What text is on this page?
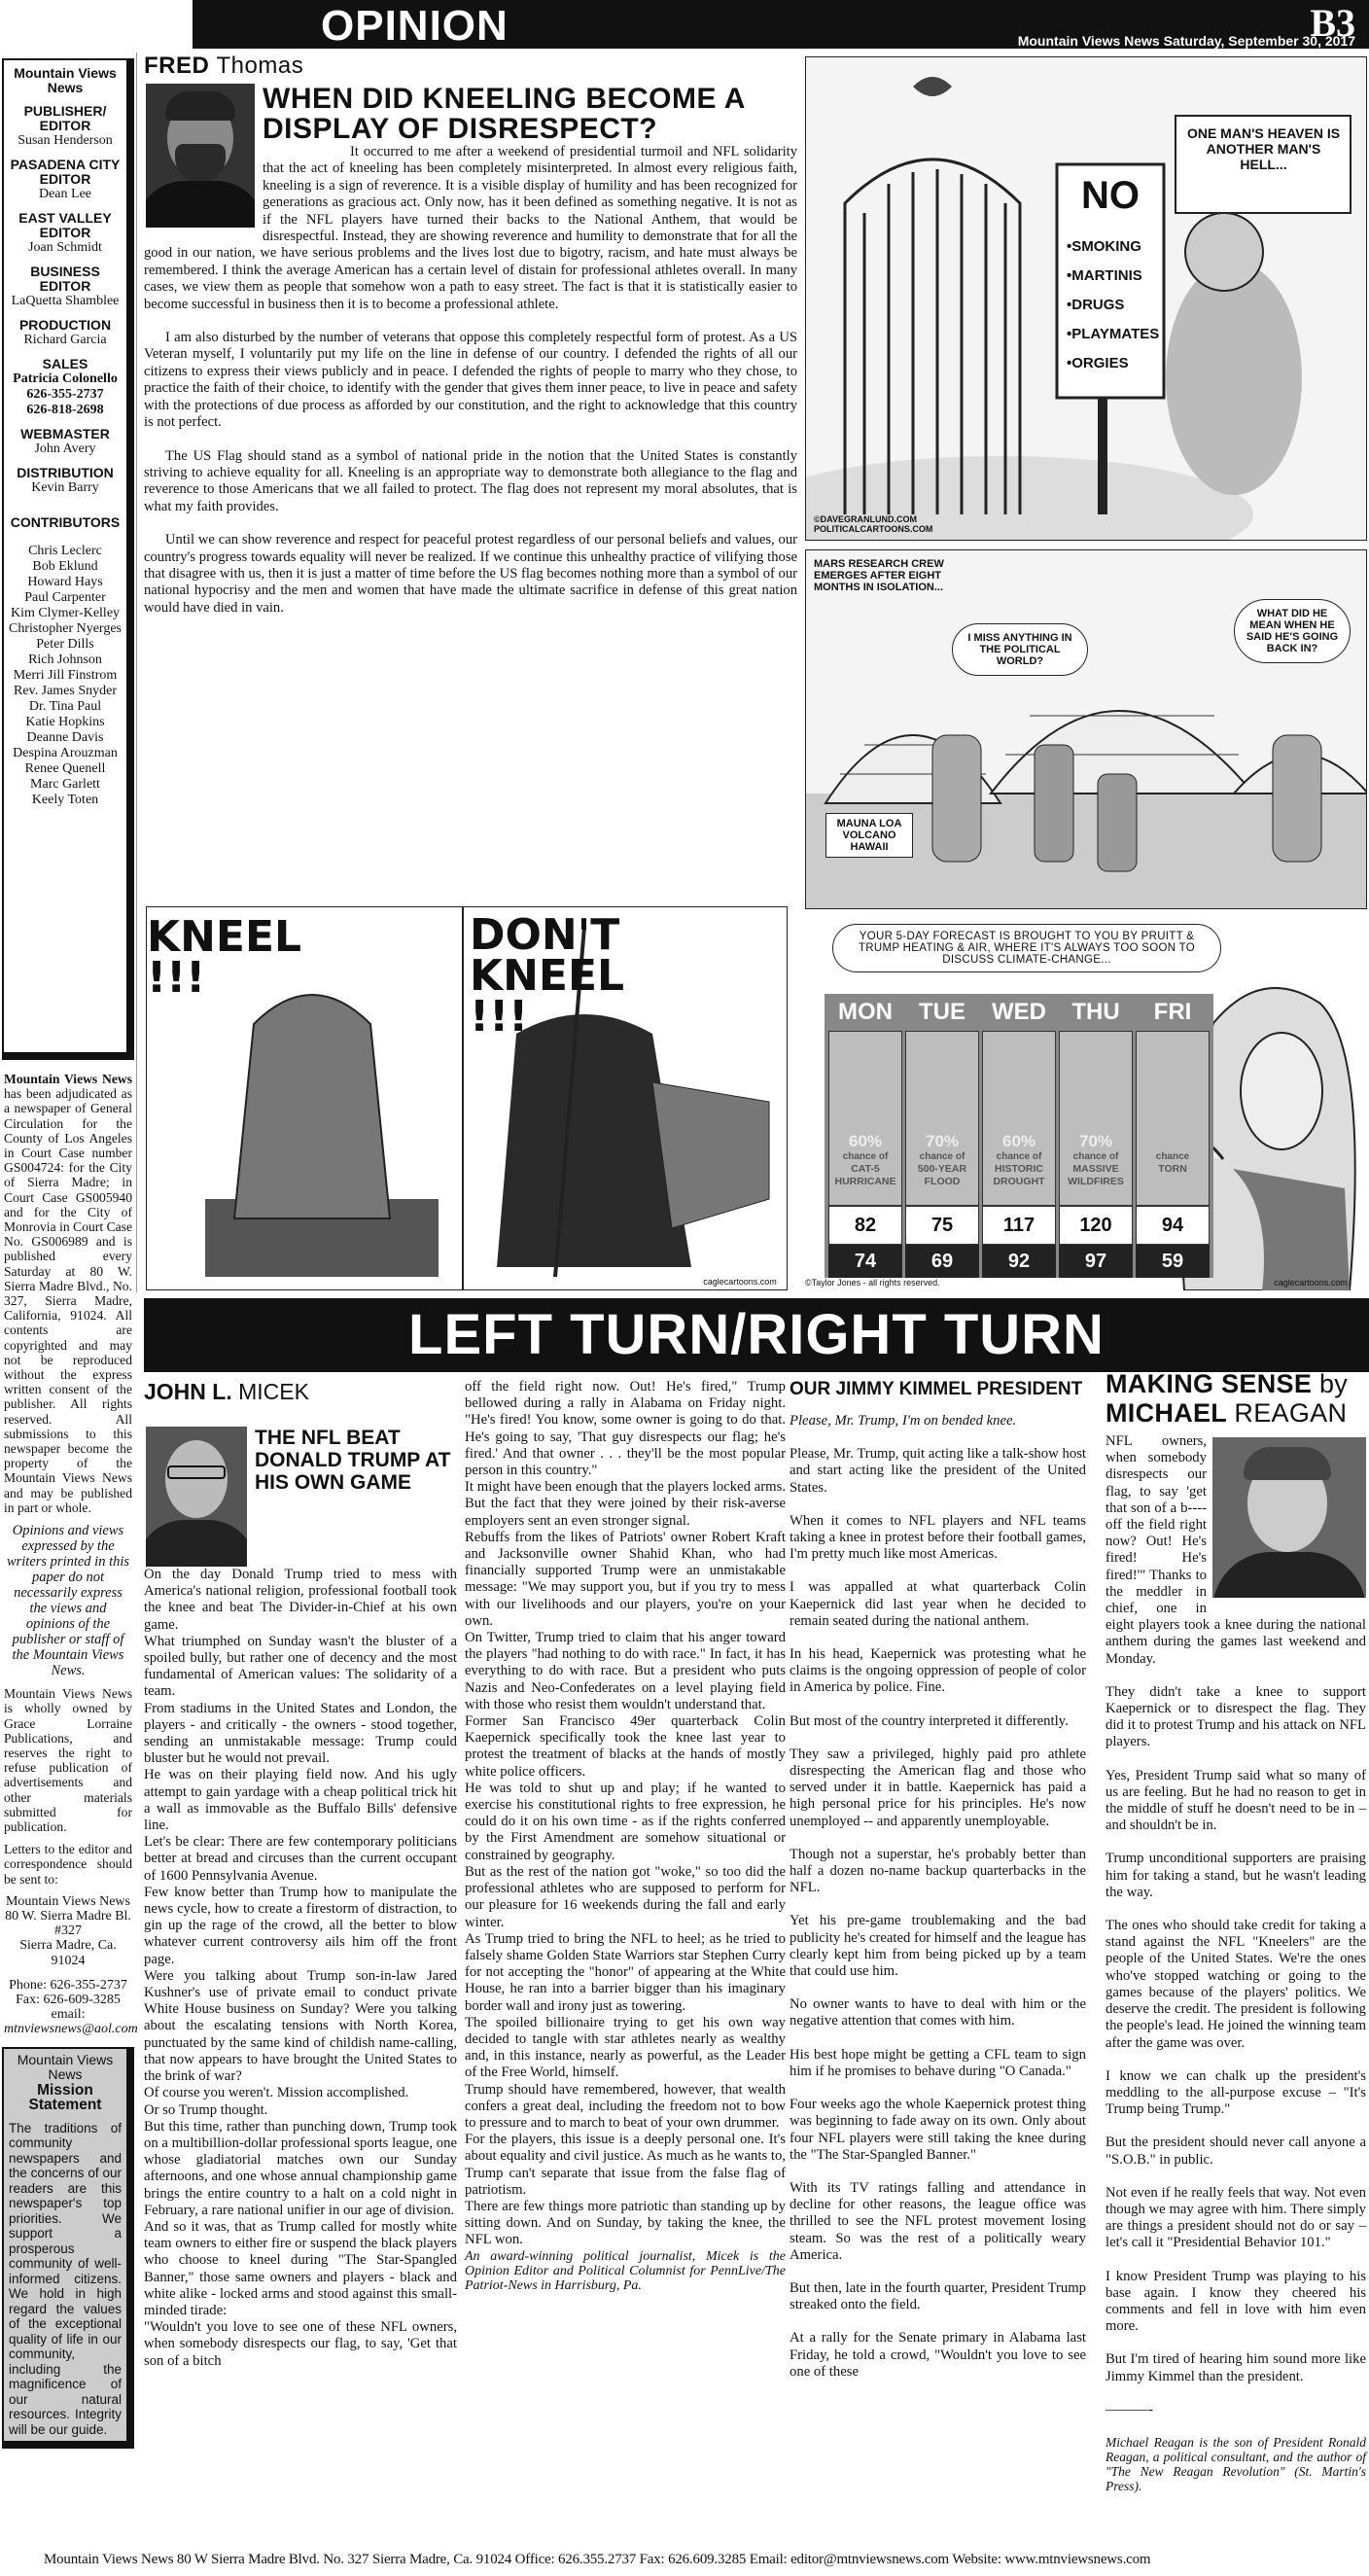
OPINION	B3
Mountain Views News Saturday, September 30, 2017
Mountain Views News
PUBLISHER/ EDITOR
Susan Henderson
PASADENA CITY EDITOR
Dean Lee
EAST VALLEY EDITOR
Joan Schmidt
BUSINESS EDITOR
LaQuetta Shamblee
PRODUCTION
Richard Garcia
SALES
Patricia Colonello
626-355-2737
626-818-2698
WEBMASTER
John Avery
DISTRIBUTION
Kevin Barry
CONTRIBUTORS
Chris Leclerc
Bob Eklund
Howard Hays
Paul Carpenter
Kim Clymer-Kelley
Christopher Nyerges
Peter Dills
Rich Johnson
Merri Jill Finstrom
Rev. James Snyder
Dr. Tina Paul
Katie Hopkins
Deanne Davis
Despina Arouzman
Renee Quenell
Marc Garlett
Keely Toten

Mountain Views News has been adjudicated as a newspaper of General Circulation for the County of Los Angeles in Court Case number GS004724: for the City of Sierra Madre; in Court Case GS005940 and for the City of Monrovia in Court Case No. GS006989 and is published every Saturday at 80 W. Sierra Madre Blvd., No. 327, Sierra Madre, California, 91024. All contents are copyrighted and may not be reproduced without the express written consent of the publisher. All rights reserved. All submissions to this newspaper become the property of the Mountain Views News and may be published in part or whole.

Opinions and views expressed by the writers printed in this paper do not necessarily express the views and opinions of the publisher or staff of the Mountain Views News.

Mountain Views News is wholly owned by Grace Lorraine Publications, and reserves the right to refuse publication of advertisements and other materials submitted for publication.

Letters to the editor and correspondence should be sent to:

Mountain Views News
80 W. Sierra Madre Bl.
#327
Sierra Madre, Ca.
91024
Phone: 626-355-2737
Fax: 626-609-3285
email:
mtnviewsnews@aol.com
Mountain Views News
Mission Statement
The traditions of community newspapers and the concerns of our readers are this newspaper's top priorities. We support a prosperous community of well-informed citizens. We hold in high regard the values of the exceptional quality of life in our community, including the magnificence of our natural resources. Integrity will be our guide.
FRED Thomas
WHEN DID KNEELING BECOME A DISPLAY OF DISRESPECT?

It occurred to me after a weekend of presidential turmoil and NFL solidarity that the act of kneeling has been completely misinterpreted. In almost every religious faith, kneeling is a sign of reverence. It is a visible display of humility and has been recognized for generations as gracious act. Only now, has it been defined as something negative. It is not as if the NFL players have turned their backs to the National Anthem, that would be disrespectful. Instead, they are showing reverence and humility to demonstrate that for all the good in our nation, we have serious problems and the lives lost due to bigotry, racism, and hate must always be remembered. I think the average American has a certain level of distain for professional athletes overall. In many cases, we view them as people that somehow won a path to easy street. The fact is that it is statistically easier to become successful in business then it is to become a professional athlete.

I am also disturbed by the number of veterans that oppose this completely respectful form of protest. As a US Veteran myself, I voluntarily put my life on the line in defense of our country. I defended the rights of all our citizens to express their views publicly and in peace. I defended the rights of people to marry who they chose, to practice the faith of their choice, to identify with the gender that gives them inner peace, to live in peace and safety with the protections of due process as afforded by our constitution, and the right to acknowledge that this country is not perfect.

The US Flag should stand as a symbol of national pride in the notion that the United States is constantly striving to achieve equality for all. Kneeling is an appropriate way to demonstrate both allegiance to the flag and reverence to those Americans that we all failed to protect. The flag does not represent my moral absolutes, that is what my faith provides.

Until we can show reverence and respect for peaceful protest regardless of our personal beliefs and values, our country's progress towards equality will never be realized. If we continue this unhealthy practice of vilifying those that disagree with us, then it is just a matter of time before the US flag becomes nothing more than a symbol of our national hypocrisy and the men and women that have made the ultimate sacrifice in defense of this great nation would have died in vain.

ONE MAN'S HEAVEN IS ANOTHER MAN'S HELL...
NO
•SMOKING
•MARTINIS
•DRUGS
•PLAYMATES
•ORGIES
©DAVEGRANLUND.COM POLITICALCARTOONS.COM
MARS RESEARCH CREW EMERGES AFTER EIGHT MONTHS IN ISOLATION...
I MISS ANYTHING IN THE POLITICAL WORLD?
WHAT DID HE MEAN WHEN HE SAID HE'S GOING BACK IN?
MAUNA LOA VOLCANO HAWAII
KNEEL !!!
DON'T KNEEL !!!
caglecartoons.com
YOUR 5-DAY FORECAST IS BROUGHT TO YOU BY PRUITT & TRUMP HEATING & AIR, WHERE IT'S ALWAYS TOO SOON TO DISCUSS CLIMATE-CHANGE...
MON
60%
chance of
CAT-5 HURRICANE
82
74
TUE
70%
chance of
500-YEAR FLOOD
75
69
WED
60%
chance of
HISTORIC DROUGHT
117
92
THU
70%
chance of
MASSIVE WILDFIRES
120
97
FRI
chance
TORN
94
59
©Taylor Jones - all rights reserved.	caglecartoons.com
LEFT TURN/RIGHT TURN
JOHN L. MICEK
THE NFL BEAT DONALD TRUMP AT HIS OWN GAME

On the day Donald Trump tried to mess with America's national religion, professional football took the knee and beat The Divider-in-Chief at his own game.

What triumphed on Sunday wasn't the bluster of a spoiled bully, but rather one of decency and the most fundamental of American values: The solidarity of a team.

From stadiums in the United States and London, the players - and critically - the owners - stood together, sending an unmistakable message: Trump could bluster but he would not prevail.

He was on their playing field now. And his ugly attempt to gain yardage with a cheap political trick hit a wall as immovable as the Buffalo Bills' defensive line.

Let's be clear: There are few contemporary politicians better at bread and circuses than the current occupant of 1600 Pennsylvania Avenue.

Few know better than Trump how to manipulate the news cycle, how to create a firestorm of distraction, to gin up the rage of the crowd, all the better to blow whatever current controversy ails him off the front page.

Were you talking about Trump son-in-law Jared Kushner's use of private email to conduct private White House business on Sunday? Were you talking about the escalating tensions with North Korea, punctuated by the same kind of childish name-calling, that now appears to have brought the United States to the brink of war?

Of course you weren't. Mission accomplished.

Or so Trump thought.

But this time, rather than punching down, Trump took on a multibillion-dollar professional sports league, one whose gladiatorial matches own our Sunday afternoons, and one whose annual championship game brings the entire country to a halt on a cold night in February, a rare national unifier in our age of division.

And so it was, that as Trump called for mostly white team owners to either fire or suspend the black players who choose to kneel during "The Star-Spangled Banner," those same owners and players - black and white alike - locked arms and stood against this small-minded tirade:

"Wouldn't you love to see one of these NFL owners, when somebody disrespects our flag, to say, 'Get that son of a bitch

off the field right now. Out! He's fired," Trump bellowed during a rally in Alabama on Friday night. "He's fired! You know, some owner is going to do that. He's going to say, 'That guy disrespects our flag; he's fired.' And that owner . . . they'll be the most popular person in this country."

It might have been enough that the players locked arms. But the fact that they were joined by their risk-averse employers sent an even stronger signal.

Rebuffs from the likes of Patriots' owner Robert Kraft and Jacksonville owner Shahid Khan, who had financially supported Trump were an unmistakable message: "We may support you, but if you try to mess with our livelihoods and our players, you're on your own.

On Twitter, Trump tried to claim that his anger toward the players "had nothing to do with race." In fact, it has everything to do with race. But a president who puts Nazis and Neo-Confederates on a level playing field with those who resist them wouldn't understand that.

Former San Francisco 49er quarterback Colin Kaepernick specifically took the knee last year to protest the treatment of blacks at the hands of mostly white police officers.

He was told to shut up and play; if he wanted to exercise his constitutional rights to free expression, he could do it on his own time - as if the rights conferred by the First Amendment are somehow situational or constrained by geography.

But as the rest of the nation got "woke," so too did the professional athletes who are supposed to perform for our pleasure for 16 weekends during the fall and early winter.

As Trump tried to bring the NFL to heel; as he tried to falsely shame Golden State Warriors star Stephen Curry for not accepting the "honor" of appearing at the White House, he ran into a barrier bigger than his imaginary border wall and irony just as towering.

The spoiled billionaire trying to get his own way decided to tangle with star athletes nearly as wealthy and, in this instance, nearly as powerful, as the Leader of the Free World, himself.

Trump should have remembered, however, that wealth confers a great deal, including the freedom not to bow to pressure and to march to beat of your own drummer.

For the players, this issue is a deeply personal one. It's about equality and civil justice. As much as he wants to, Trump can't separate that issue from the false flag of patriotism.

There are few things more patriotic than standing up by sitting down. And on Sunday, by taking the knee, the NFL won.

An award-winning political journalist, Micek is the Opinion Editor and Political Columnist for PennLive/The Patriot-News in Harrisburg, Pa.
OUR JIMMY KIMMEL PRESIDENT
Please, Mr. Trump, I'm on bended knee.

Please, Mr. Trump, quit acting like a talk-show host and start acting like the president of the United States.

When it comes to NFL players and NFL teams taking a knee in protest before their football games, I'm pretty much like most Americas.

I was appalled at what quarterback Colin Kaepernick did last year when he decided to remain seated during the national anthem.

In his head, Kaepernick was protesting what he claims is the ongoing oppression of people of color in America by police. Fine.

But most of the country interpreted it differently.

They saw a privileged, highly paid pro athlete disrespecting the American flag and those who served under it in battle. Kaepernick has paid a high personal price for his principles. He's now unemployed -- and apparently unemployable.

Though not a superstar, he's probably better than half a dozen no-name backup quarterbacks in the NFL.

Yet his pre-game troublemaking and the bad publicity he's created for himself and the league has clearly kept him from being picked up by a team that could use him.

No owner wants to have to deal with him or the negative attention that comes with him.

His best hope might be getting a CFL team to sign him if he promises to behave during "O Canada."

Four weeks ago the whole Kaepernick protest thing was beginning to fade away on its own. Only about four NFL players were still taking the knee during the "The Star-Spangled Banner."

With its TV ratings falling and attendance in decline for other reasons, the league office was thrilled to see the NFL protest movement losing steam. So was the rest of a politically weary America.

But then, late in the fourth quarter, President Trump streaked onto the field.

At a rally for the Senate primary in Alabama last Friday, he told a crowd, "Wouldn't you love to see one of these

MAKING SENSE by
MICHAEL REAGAN

NFL owners, when somebody disrespects our flag, to say 'get that son of a b---- off the field right now? Out! He's fired! He's fired!'" Thanks to the meddler in chief, one in eight players took a knee during the national anthem during the games last weekend and Monday.

They didn't take a knee to support Kaepernick or to disrespect the flag. They did it to protest Trump and his attack on NFL players.

Yes, President Trump said what so many of us are feeling. But he had no reason to get in the middle of stuff he doesn't need to be in – and shouldn't be in.

Trump unconditional supporters are praising him for taking a stand, but he wasn't leading the way.

The ones who should take credit for taking a stand against the NFL "Kneelers" are the people of the United States. We're the ones who've stopped watching or going to the games because of the players' politics. We deserve the credit. The president is following the people's lead. He joined the winning team after the game was over.

I know we can chalk up the president's meddling to the all-purpose excuse – "It's Trump being Trump."

But the president should never call anyone a "S.O.B." in public.

Not even if he really feels that way. Not even though we may agree with him. There simply are things a president should not do or say – let's call it "Presidential Behavior 101."

I know President Trump was playing to his base again. I know they cheered his comments and fell in love with him even more.

But I'm tired of hearing him sound more like Jimmy Kimmel than the president.

———-

Michael Reagan is the son of President Ronald Reagan, a political consultant, and the author of "The New Reagan Revolution" (St. Martin's Press).
Mountain Views News 80 W Sierra Madre Blvd. No. 327 Sierra Madre, Ca. 91024 Office: 626.355.2737 Fax: 626.609.3285 Email: editor@mtnviewsnews.com Website: www.mtnviewsnews.com
